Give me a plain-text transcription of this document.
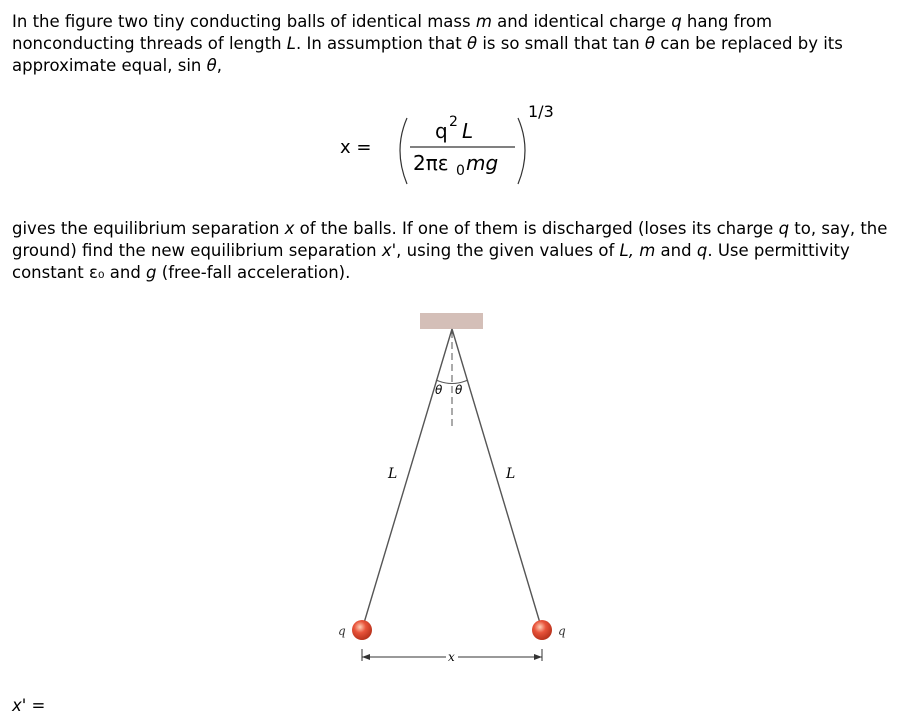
In the figure two tiny conducting balls of identical mass m and identical charge q hang from nonconducting threads of length L. In assumption that θ is so small that tan θ can be replaced by its approximate equal, sin θ,

x =
q 2 L
2πε 0 mg
1/3

gives the equilibrium separation x of the balls. If one of them is discharged (loses its charge q to, say, the ground) find the new equilibrium separation x', using the given values of L, m and q. Use permittivity constant ε₀ and g (free-fall acceleration).

θ θ
L	L
q	q
x
x' =
